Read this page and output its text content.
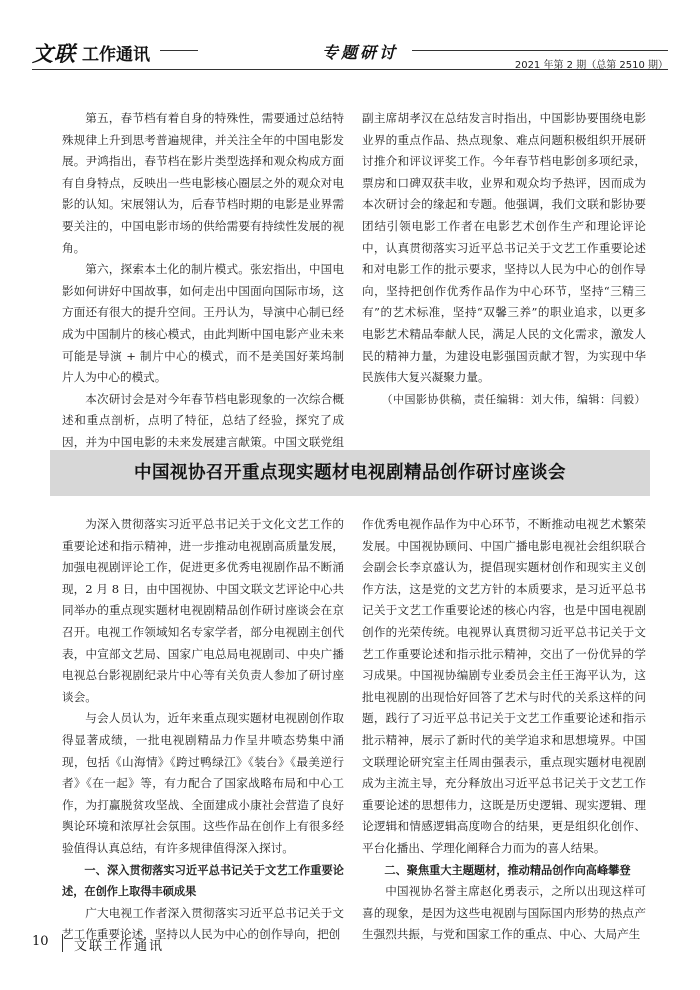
文联 工作通讯	专题研讨
2021 年第 2 期（总第 2510 期）

第五，春节档有着自身的特殊性，需要通过总结特殊规律上升到思考普遍规律，并关注全年的中国电影发展。尹鸿指出，春节档在影片类型选择和观众构成方面有自身特点，反映出一些电影核心圈层之外的观众对电影的认知。宋展翎认为，后春节档时期的电影是业界需要关注的，中国电影市场的供给需要有持续性发展的视角。

第六，探索本土化的制片模式。张宏指出，中国电影如何讲好中国故事，如何走出中国面向国际市场，这方面还有很大的提升空间。王丹认为，导演中心制已经成为中国制片的核心模式，由此判断中国电影产业未来可能是导演 + 制片中心的模式，而不是美国好莱坞制片人为中心的模式。

本次研讨会是对今年春节档电影现象的一次综合概述和重点剖析，点明了特征，总结了经验，探究了成因，并为中国电影的未来发展建言献策。中国文联党组

副主席胡孝汉在总结发言时指出，中国影协要围绕电影业界的重点作品、热点现象、难点问题积极组织开展研讨推介和评议评奖工作。今年春节档电影创多项纪录，票房和口碑双获丰收，业界和观众均予热评，因而成为本次研讨会的缘起和专题。他强调，我们文联和影协要团结引领电影工作者在电影艺术创作生产和理论评论中，认真贯彻落实习近平总书记关于文艺工作重要论述和对电影工作的批示要求，坚持以人民为中心的创作导向，坚持把创作优秀作品作为中心环节，坚持“三精三有”的艺术标准，坚持“双馨三养”的职业追求，以更多电影艺术精品奉献人民，满足人民的文化需求，激发人民的精神力量，为建设电影强国贡献才智，为实现中华民族伟大复兴凝聚力量。

（中国影协供稿，责任编辑：刘大伟，编辑：闫毅）

中国视协召开重点现实题材电视剧精品创作研讨座谈会

为深入贯彻落实习近平总书记关于文化文艺工作的重要论述和指示精神，进一步推动电视剧高质量发展，加强电视剧评论工作，促进更多优秀电视剧作品不断涌现，2 月 8 日，由中国视协、中国文联文艺评论中心共同举办的重点现实题材电视剧精品创作研讨座谈会在京召开。电视工作领域知名专家学者，部分电视剧主创代表，中宣部文艺局、国家广电总局电视剧司、中央广播电视总台影视剧纪录片中心等有关负责人参加了研讨座谈会。

与会人员认为，近年来重点现实题材电视剧创作取得显著成绩，一批电视剧精品力作呈井喷态势集中涌现，包括《山海情》《跨过鸭绿江》《装台》《最美逆行者》《在一起》等，有力配合了国家战略布局和中心工作，为打赢脱贫攻坚战、全面建成小康社会营造了良好舆论环境和浓厚社会氛围。这些作品在创作上有很多经验值得认真总结，有许多规律值得深入探讨。

一、深入贯彻落实习近平总书记关于文艺工作重要论述，在创作上取得丰硕成果

广大电视工作者深入贯彻落实习近平总书记关于文艺工作重要论述，坚持以人民为中心的创作导向，把创

作优秀电视作品作为中心环节，不断推动电视艺术繁荣发展。中国视协顾问、中国广播电影电视社会组织联合会副会长李京盛认为，提倡现实题材创作和现实主义创作方法，这是党的文艺方针的本质要求，是习近平总书记关于文艺工作重要论述的核心内容，也是中国电视剧创作的光荣传统。电视界认真贯彻习近平总书记关于文艺工作重要论述和指示批示精神，交出了一份优异的学习成果。中国视协编剧专业委员会主任王海平认为，这批电视剧的出现恰好回答了艺术与时代的关系这样的问题，践行了习近平总书记关于文艺工作重要论述和指示批示精神，展示了新时代的美学追求和思想境界。中国文联理论研究室主任周由强表示，重点现实题材电视剧成为主流主导，充分释放出习近平总书记关于文艺工作重要论述的思想伟力，这既是历史逻辑、现实逻辑、理论逻辑和情感逻辑高度吻合的结果，更是组织化创作、平台化播出、学理化阐释合力而为的喜人结果。

二、聚焦重大主题题材，推动精品创作向高峰攀登

中国视协名誉主席赵化勇表示，之所以出现这样可喜的现象，是因为这些电视剧与国际国内形势的热点产生强烈共振，与党和国家工作的重点、中心、大局产生

10 文联工作通讯
